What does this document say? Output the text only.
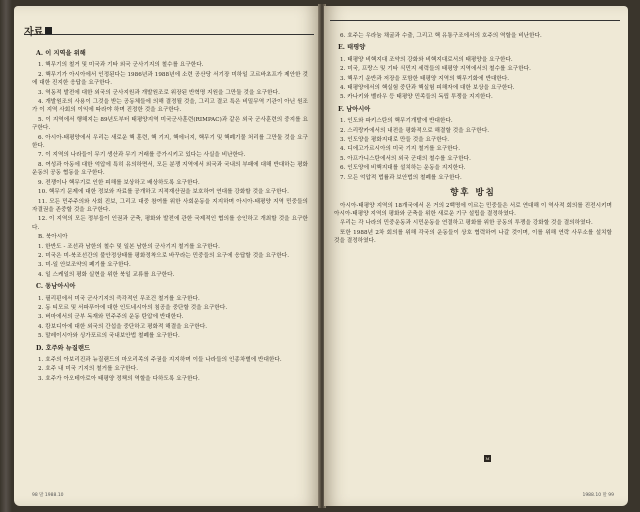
자료
A. 이 지역을 위해
1. 핵무기의 철거 및 미국과 기타 외국 군사기지의 철수를 요구한다.
2. 핵무기가 아시아에서 인정된다는 1986년과 1988년에 소련 공산당 서기장 미하일 고르바초프가 제안한 것에 대한 진지한 응답을 요구한다.
3. 역동적 발전에 대한 외국의 군사지원과 개발원조로 위장된 반혁명 지원을 그만둘 것을 요구한다.
4. 개발원조의 사용이 그것을 받는 공동체들에 의해 결정될 것을, 그리고 결코 특은 비밀무역 기관이 아닌 원조가 이 지역 사회의 이익에 따라야 하며 진정한 것을 요구한다.
5. 이 지역에서 행해지는 89년도부터 태평양지역 미국군사훈련(RIMPAC)과 같은 외국 군사훈련의 중지를 요구한다.
6. 아시아-태평양에서 우리는 새로운 핵 훈련, 핵 기지, 핵에너지, 핵무기 및 핵폐기물 처리를 그만둘 것을 요구한다.
7. 이 지역의 나라들이 무기 생산과 무기 거래를 증가시키고 있다는 사실을 비난한다.
8. 여성과 아동에 대한 억압에 특히 유의하면서, 모든 분쟁 지역에서 외국과 국내의 부패에 대해 반대하는 평화운동의 공동 협동을 요구한다.
9. 전쟁이나 핵무기로 인한 피해를 보상하고 배상하도록 요구한다.
10. 핵무기 문제에 대한 정보와 자료를 공개하고 지적재산권을 보호하여 연대를 강화할 것을 요구한다.
11. 모든 민주주의와 사회 진보, 그리고 대중 참여를 위한 사회운동을 지지하며 아시아-태평양 지역 민중들의 자결권을 존중할 것을 요구한다.
12. 이 지역의 모든 정부들이 인권과 군축, 평화와 발전에 관한 국제적인 협의를 승인하고 개최할 것을 요구한다.
B. 북아시아
1. 한반도 - 조선과 남한의 철수 및 일본 남한의 군사기지 철거를 요구한다.
2. 미국은 미-북조선간의 불안정상태를 평화정착으로 바꾸라는 민중들의 요구에 응답할 것을 요구한다.
3. 미-일 안보조약의 폐기를 요구한다.
4. 일 스케일의 평화 실현을 위한 북일 교류를 요구한다.
C. 동남아시아
1. 필리핀에서 미국 군사기지의 즉각적인 무조건 철거를 요구한다.
2. 동 티모르 및 서파푸아에 대한 인도네시아의 침공을 중단할 것을 요구한다.
3. 버마에서의 군부 독재와 민주주의 운동 탄압에 반대한다.
4. 캄보디아에 대한 외국의 간섭을 중단하고 평화적 해결을 요구한다.
5. 말레이시아와 싱가포르의 국내보안법 철폐를 요구한다.
D. 호주와 뉴질랜드
1. 호주의 아보리진과 뉴질랜드의 마오리족의 주권을 지지하며 이들 나라들의 인종차별에 반대한다.
2. 호주 내 미국 기지의 철거를 요구한다.
3. 호주가 아오테아로아 태평양 정책의 역할을 다하도록 요구한다.
98 말 1988.10
6. 호주는 우라늄 채굴과 수출, 그리고 핵 유통구조에서의 호주의 역할을 비난한다.
E. 태평양
1. 태평양 비핵지대 조약의 강화와 비핵지대로서의 태평양을 요구한다.
2. 미국, 프랑스 및 기타 식민지 세력들의 태평양 지역에서의 철수를 요구한다.
3. 핵무기 운반과 저장을 포함한 태평양 지역의 핵무기화에 반대한다.
4. 태평양에서의 핵실험 중단과 핵실험 피해자에 대한 보상을 요구한다.
5. 카나키와 벨라우 등 태평양 민족들의 독립 투쟁을 지지한다.
F. 남아시아
1. 인도와 파키스탄의 핵무기개발에 반대한다.
2. 스리랑카에서의 내전을 평화적으로 해결할 것을 요구한다.
3. 인도양을 평화지대로 만들 것을 요구한다.
4. 디에고가르시아의 미국 기지 철거를 요구한다.
5. 아프가니스탄에서의 외국 군대의 철수를 요구한다.
6. 인도양에 비핵지대를 설치하는 운동을 지지한다.
7. 모든 억압적 법률과 보안법의 철폐를 요구한다.
향후 방침
아시아-태평양 지역의 18개국에서 온 거의 2백명에 이르는 민중들은 서로 연대해 이 역사적 회의를 진전시키며 아시아-태평양 지역의 평화와 군축을 위한 새로운 기구 설립을 결정하였다.
우리는 각 나라의 민중운동과 시민운동을 연결하고 평화를 위한 공동의 투쟁을 강화할 것을 결의하였다.
또한 1988년 2차 회의를 위해 각국의 운동들이 상호 협력하여 나갈 것이며, 이를 위해 연락 사무소를 설치할 것을 결정하였다.
M
1988.10 말 99
